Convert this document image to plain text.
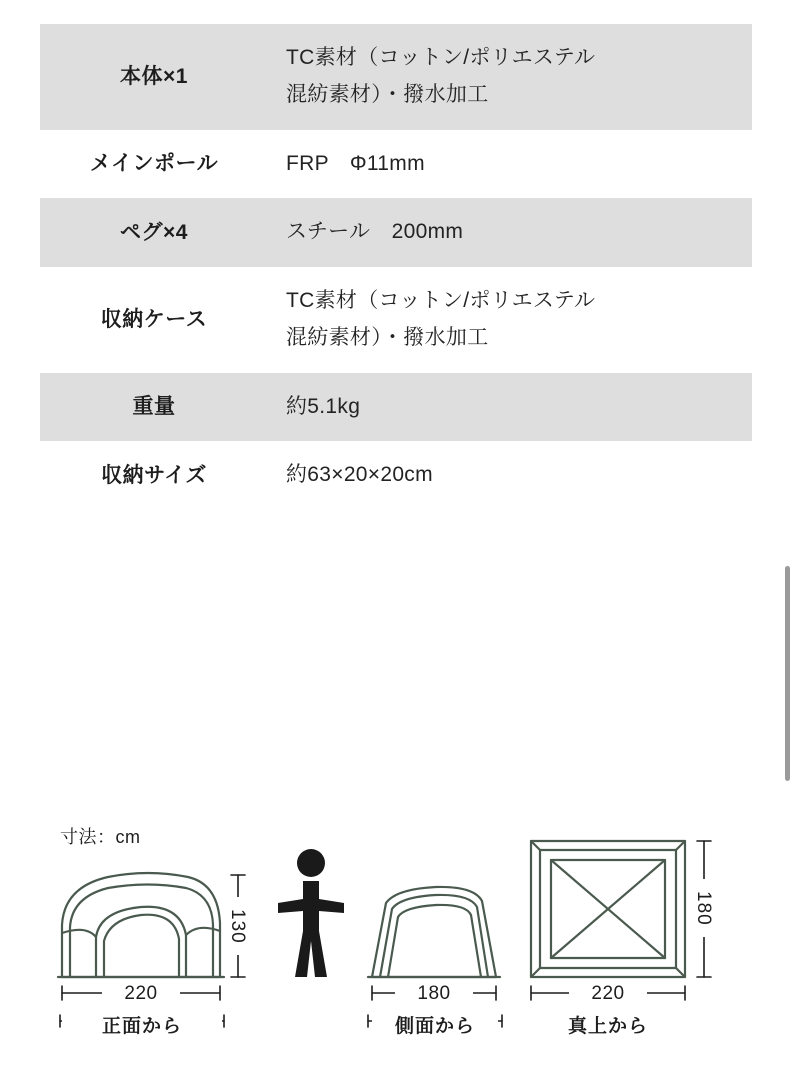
本体×1	TC素材（コットン/ポリエステル
混紡素材）・撥水加工

メインポール	FRP　Φ11mm
ペグ×4	スチール　200mm
収納ケース	TC素材（コットン/ポリエステル
混紡素材）・撥水加工

重量	約5.1kg
収納サイズ	約63×20×20cm
寸法：cm
220
130
正面から
180
側面から
220
180
真上から
